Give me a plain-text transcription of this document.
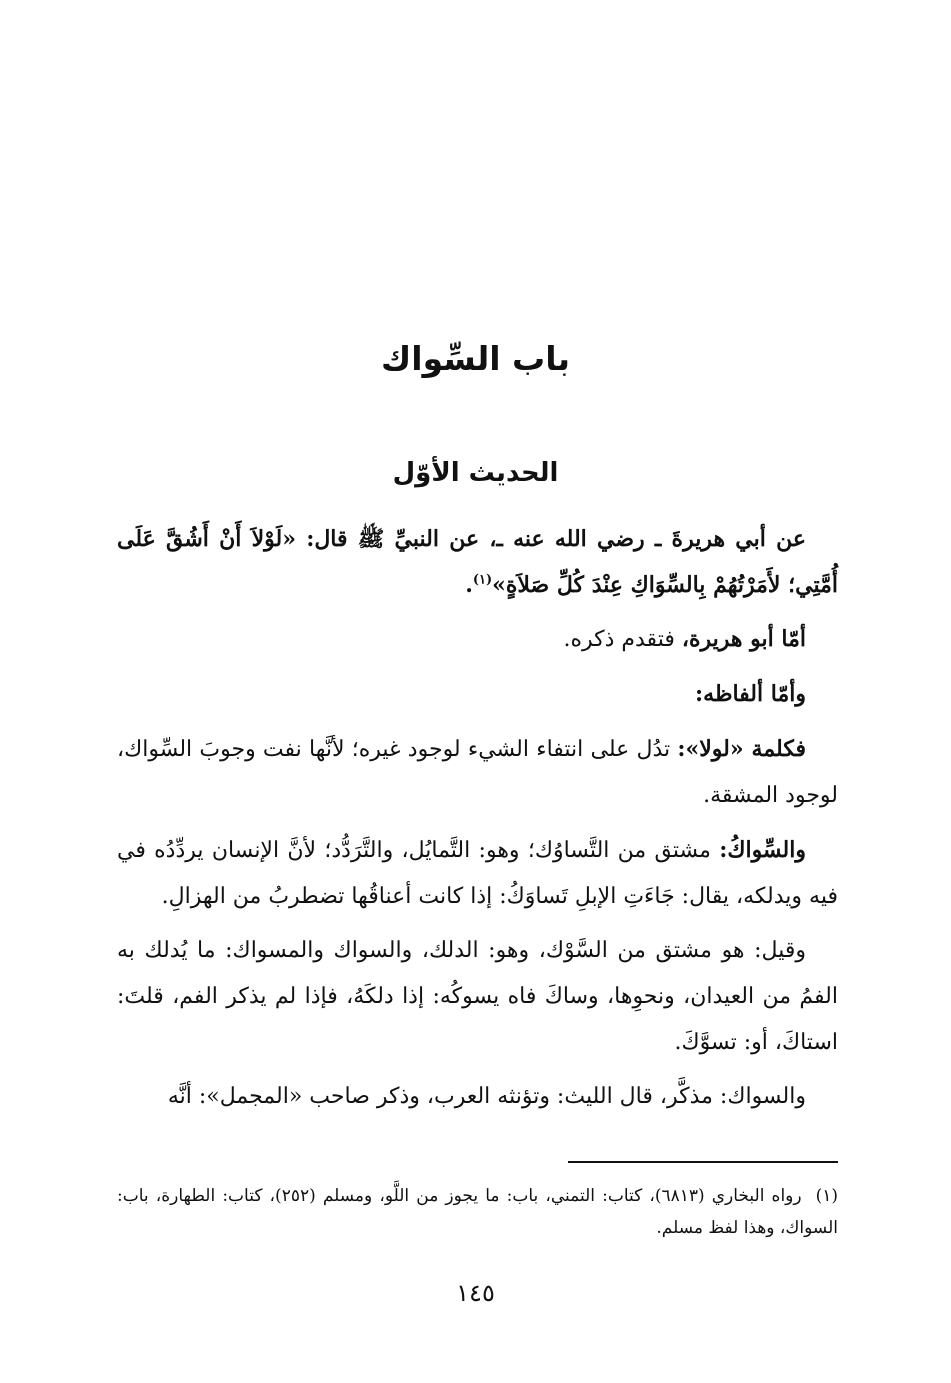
باب السِّواك
الحديث الأوّل

عن أبي هريرةَ ـ رضي الله عنه ـ، عن النبيِّ ﷺ قال: «لَوْلاَ أَنْ أَشُقَّ عَلَى أُمَّتِي؛ لأَمَرْتُهُمْ بِالسِّوَاكِ عِنْدَ كُلِّ صَلاَةٍ»$^{(١)}$.

أمّا أبو هريرة، فتقدم ذكره.

وأمّا ألفاظه:

فكلمة «لولا»: تدُل على انتفاء الشيء لوجود غيره؛ لأنَّها نفت وجوبَ السِّواك، لوجود المشقة.

والسِّواكُ: مشتق من التَّساوُك؛ وهو: التَّمايُل، والتَّرَدُّد؛ لأنَّ الإنسان يردِّدُه في فيه ويدلكه، يقال: جَاءَتِ الإبلِ تَساوَكُ: إذا كانت أعناقُها تضطربُ من الهزالِ.

وقيل: هو مشتق من السَّوْك، وهو: الدلك، والسواك والمسواك: ما يُدلك به الفمُ من العيدان، ونحوِها، وساكَ فاه يسوكُه: إذا دلكَهُ، فإذا لم يذكر الفم، قلتَ: استاكَ، أو: تسوَّكَ.

والسواك: مذكَّر، قال الليث: وتؤنثه العرب، وذكر صاحب «المجمل»: أنَّه

(١)رواه البخاري (٦٨١٣)، كتاب: التمني، باب: ما يجوز من اللَّو، ومسلم (٢٥٢)، كتاب: الطهارة، باب: السواك، وهذا لفظ مسلم.
١٤٥
